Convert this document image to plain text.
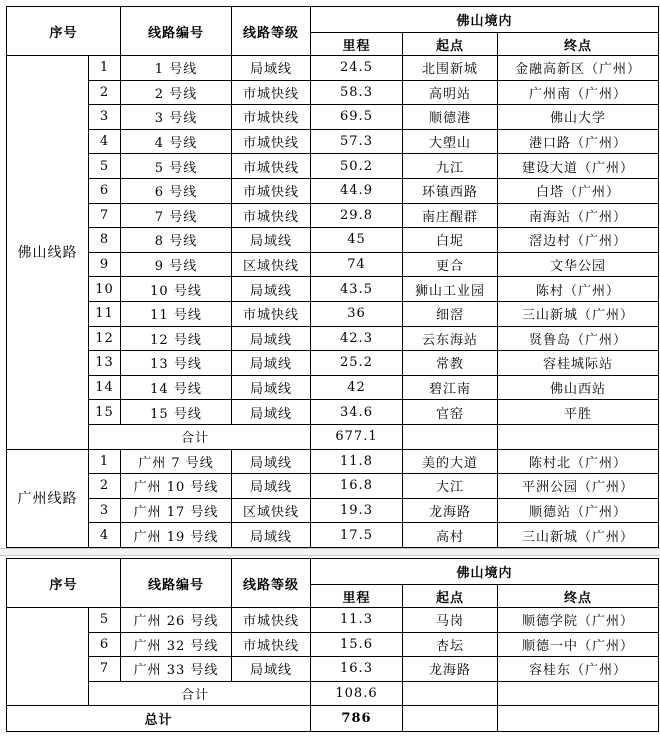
序号		线路编号	线路等级	佛山境内		
				里程	起点	终点
佛山线路	1	1 号线	局域线	24.5	北围新城	金融高新区（广州）
	2	2 号线	市城快线	58.3	高明站	广州南（广州）
	3	3 号线	市城快线	69.5	顺德港	佛山大学
	4	4 号线	市城快线	57.3	大塱山	港口路（广州）
	5	5 号线	市城快线	50.2	九江	建设大道（广州）
	6	6 号线	市城快线	44.9	环镇西路	白塔（广州）
	7	7 号线	市城快线	29.8	南庄醒群	南海站（广州）
	8	8 号线	局域线	45	白坭	滘边村（广州）
	9	9 号线	区域快线	74	更合	文华公园
	10	10 号线	局域线	43.5	狮山工业园	陈村（广州）
	11	11 号线	市城快线	36	细滘	三山新城（广州）
	12	12 号线	局域线	42.3	云东海站	贤鲁岛（广州）
	13	13 号线	局域线	25.2	常教	容桂城际站
	14	14 号线	局域线	42	碧江南	佛山西站
	15	15 号线	局域线	34.6	官窑	平胜
	合计			677.1		
广州线路	1	广州 7 号线	局域线	11.8	美的大道	陈村北（广州）
	2	广州 10 号线	局域线	16.8	大江	平洲公园（广州）
	3	广州 17 号线	区域快线	19.3	龙海路	顺德站（广州）
	4	广州 19 号线	局域线	17.5	高村	三山新城（广州）
序号		线路编号	线路等级	佛山境内		
				里程	起点	终点
	5	广州 26 号线	市城快线	11.3	马岗	顺德学院（广州）
	6	广州 32 号线	市城快线	15.6	杏坛	顺德一中（广州）
	7	广州 33 号线	局域线	16.3	龙海路	容桂东（广州）
	合计			108.6		
总计				786		
